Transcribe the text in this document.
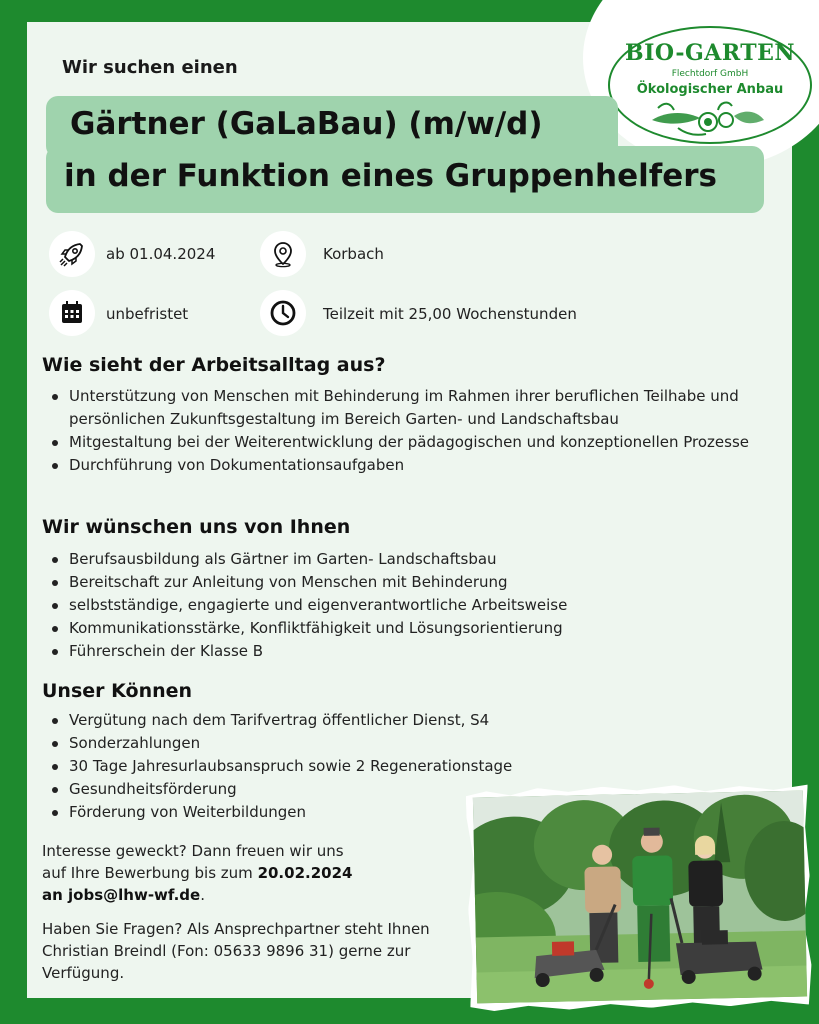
BIO-GARTEN
Flechtdorf GmbH
Ökologischer Anbau
Wir suchen einen
Gärtner (GaLaBau) (m/w/d)
in der Funktion eines Gruppenhelfers
ab 01.04.2024	Korbach
unbefristet	Teilzeit mit 25,00 Wochenstunden
Wie sieht der Arbeitsalltag aus?
Unterstützung von Menschen mit Behinderung im Rahmen ihrer beruflichen Teilhabe und persönlichen Zukunftsgestaltung im Bereich Garten- und Landschaftsbau
Mitgestaltung bei der Weiterentwicklung der pädagogischen und konzeptionellen Prozesse
Durchführung von Dokumentationsaufgaben
Wir wünschen uns von Ihnen
Berufsausbildung als Gärtner im Garten- Landschaftsbau
Bereitschaft zur Anleitung von Menschen mit Behinderung
selbstständige, engagierte und eigenverantwortliche Arbeitsweise
Kommunikationsstärke, Konfliktfähigkeit und Lösungsorientierung
Führerschein der Klasse B
Unser Können
Vergütung nach dem Tarifvertrag öffentlicher Dienst, S4
Sonderzahlungen
30 Tage Jahresurlaubsanspruch sowie 2 Regenerationstage
Gesundheitsförderung
Förderung von Weiterbildungen
Interesse geweckt? Dann freuen wir uns
auf Ihre Bewerbung bis zum 20.02.2024
an jobs@lhw-wf.de.
Haben Sie Fragen? Als Ansprechpartner steht Ihnen
Christian Breindl (Fon: 05633 9896 31) gerne zur
Verfügung.
